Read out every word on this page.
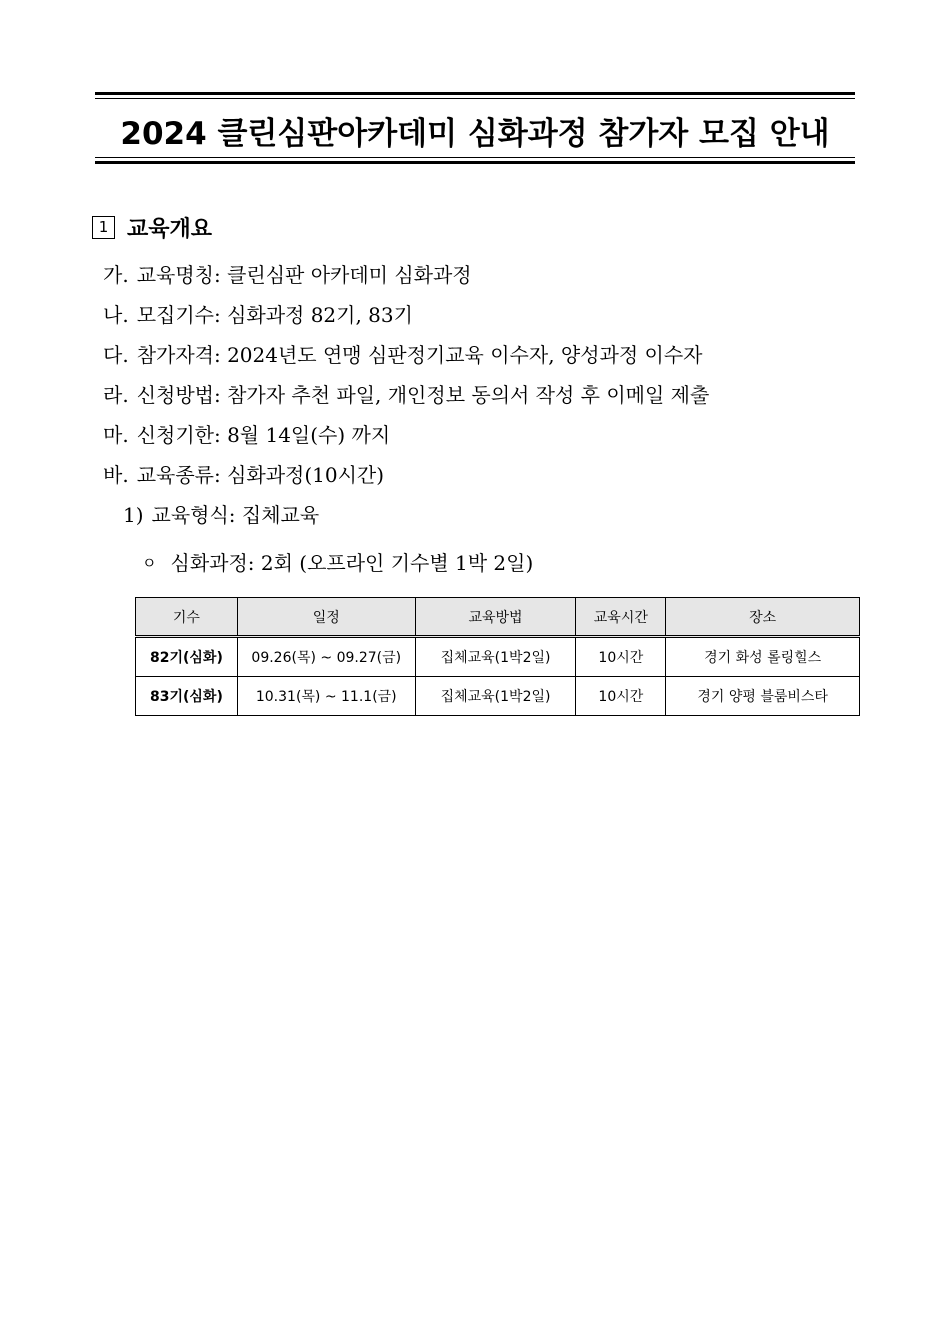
2024 클린심판아카데미 심화과정 참가자 모집 안내
1 교육개요
가. 교육명칭: 클린심판 아카데미 심화과정
나. 모집기수: 심화과정 82기, 83기
다. 참가자격: 2024년도 연맹 심판정기교육 이수자, 양성과정 이수자
라. 신청방법: 참가자 추천 파일, 개인정보 동의서 작성 후 이메일 제출
마. 신청기한: 8월 14일(수) 까지
바. 교육종류: 심화과정(10시간)
1) 교육형식: 집체교육
ㅇ 심화과정: 2회 (오프라인 기수별 1박 2일)
기수	일정	교육방법	교육시간	장소
82기(심화)	09.26(목) ~ 09.27(금)	집체교육(1박2일)	10시간	경기 화성 롤링힐스
83기(심화)	10.31(목) ~ 11.1(금)	집체교육(1박2일)	10시간	경기 양평 블룸비스타
